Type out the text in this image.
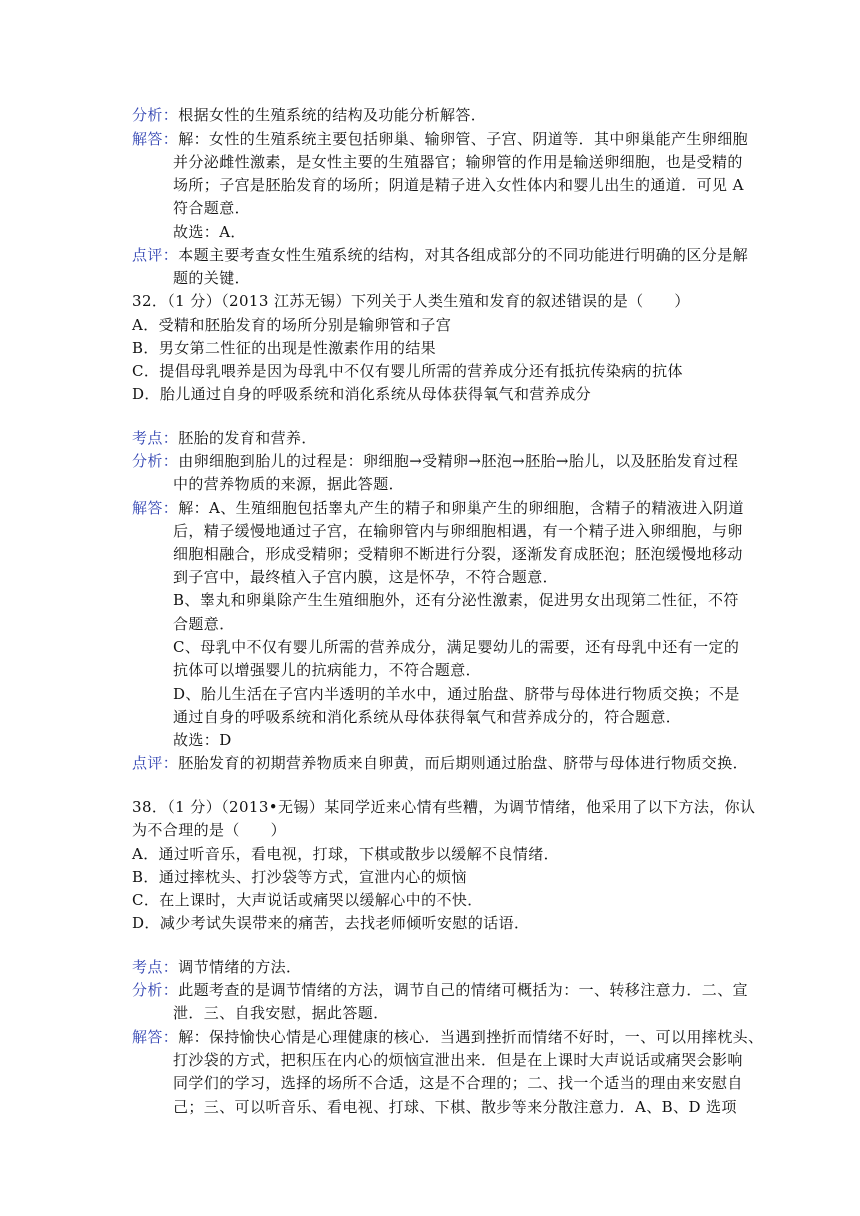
分析：根据女性的生殖系统的结构及功能分析解答．
解答：解：女性的生殖系统主要包括卵巢、输卵管、子宫、阴道等．其中卵巢能产生卵细胞
并分泌雌性激素，是女性主要的生殖器官；输卵管的作用是输送卵细胞，也是受精的
场所；子宫是胚胎发育的场所；阴道是精子进入女性体内和婴儿出生的通道．可见 A
符合题意．
故选：A．
点评：本题主要考查女性生殖系统的结构，对其各组成部分的不同功能进行明确的区分是解
题的关键．
32．（1 分）（2013 江苏无锡）下列关于人类生殖和发育的叙述错误的是（　　）
A．受精和胚胎发育的场所分别是输卵管和子宫
B．男女第二性征的出现是性激素作用的结果
C．提倡母乳喂养是因为母乳中不仅有婴儿所需的营养成分还有抵抗传染病的抗体
D．胎儿通过自身的呼吸系统和消化系统从母体获得氧气和营养成分
考点：胚胎的发育和营养．
分析：由卵细胞到胎儿的过程是：卵细胞→受精卵→胚泡→胚胎→胎儿，以及胚胎发育过程
中的营养物质的来源，据此答题．
解答：解：A、生殖细胞包括睾丸产生的精子和卵巢产生的卵细胞，含精子的精液进入阴道
后，精子缓慢地通过子宫，在输卵管内与卵细胞相遇，有一个精子进入卵细胞，与卵
细胞相融合，形成受精卵；受精卵不断进行分裂，逐渐发育成胚泡；胚泡缓慢地移动
到子宫中，最终植入子宫内膜，这是怀孕，不符合题意．
B、睾丸和卵巢除产生生殖细胞外，还有分泌性激素，促进男女出现第二性征，不符
合题意．
C、母乳中不仅有婴儿所需的营养成分，满足婴幼儿的需要，还有母乳中还有一定的
抗体可以增强婴儿的抗病能力，不符合题意．
D、胎儿生活在子宫内半透明的羊水中，通过胎盘、脐带与母体进行物质交换；不是
通过自身的呼吸系统和消化系统从母体获得氧气和营养成分的，符合题意．
故选：D
点评：胚胎发育的初期营养物质来自卵黄，而后期则通过胎盘、脐带与母体进行物质交换．
38．（1 分）（2013•无锡）某同学近来心情有些糟，为调节情绪，他采用了以下方法，你认
为不合理的是（　　）
A．通过听音乐，看电视，打球，下棋或散步以缓解不良情绪．
B．通过摔枕头、打沙袋等方式，宣泄内心的烦恼
C．在上课时，大声说话或痛哭以缓解心中的不快．
D．减少考试失误带来的痛苦，去找老师倾听安慰的话语．
考点：调节情绪的方法．
分析：此题考查的是调节情绪的方法，调节自己的情绪可概括为：一、转移注意力．二、宣
泄．三、自我安慰，据此答题．
解答：解：保持愉快心情是心理健康的核心．当遇到挫折而情绪不好时，一、可以用摔枕头、
打沙袋的方式，把积压在内心的烦恼宣泄出来．但是在上课时大声说话或痛哭会影响
同学们的学习，选择的场所不合适，这是不合理的；二、找一个适当的理由来安慰自
己；三、可以听音乐、看电视、打球、下棋、散步等来分散注意力．A、B、D 选项
